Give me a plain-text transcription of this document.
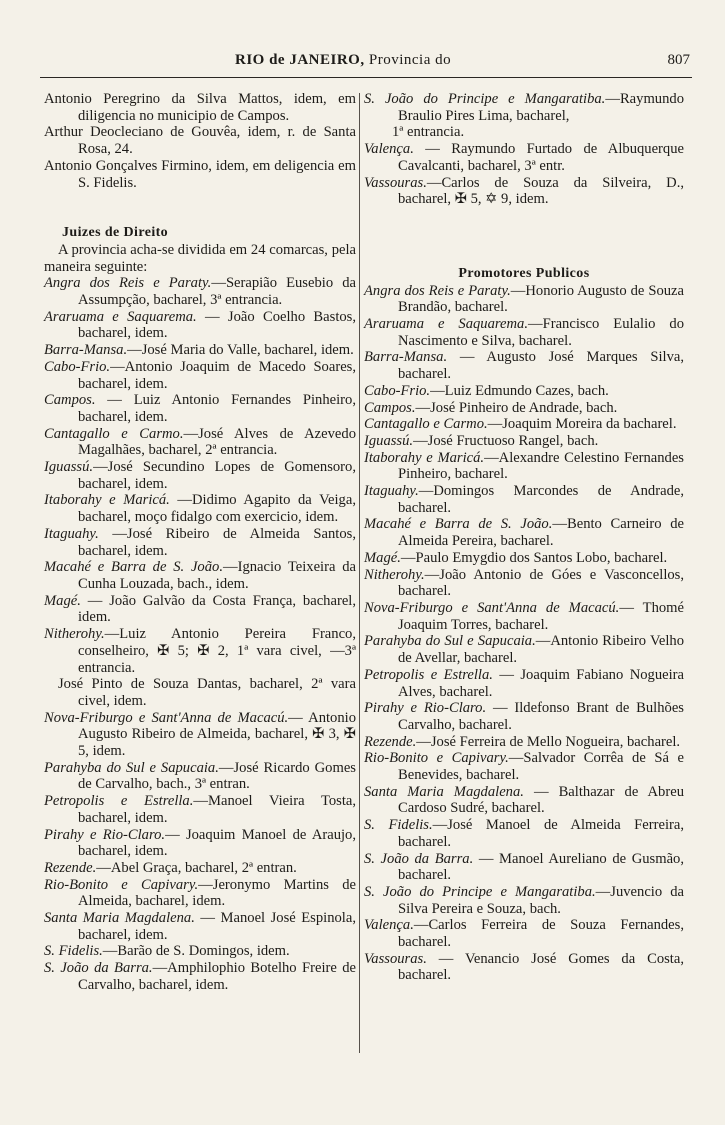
RIO de JANEIRO, Provincia do	807

Antonio Peregrino da Silva Mattos, idem, em diligencia no municipio de Campos.

Arthur Deocleciano de Gouvêa, idem, r. de Santa Rosa, 24.

Antonio Gonçalves Firmino, idem, em deligencia em S. Fidelis.

Juizes de Direito

A provincia acha-se dividida em 24 comarcas, pela maneira seguinte:

Angra dos Reis e Paraty.—Serapião Eusebio da Assumpção, bacharel, 3ª entrancia.

Araruama e Saquarema. — João Coelho Bastos, bacharel, idem.

Barra-Mansa.—José Maria do Valle, bacharel, idem.

Cabo-Frio.—Antonio Joaquim de Macedo Soares, bacharel, idem.

Campos. — Luiz Antonio Fernandes Pinheiro, bacharel, idem.

Cantagallo e Carmo.—José Alves de Azevedo Magalhães, bacharel, 2ª entrancia.

Iguassú.—José Secundino Lopes de Gomensoro, bacharel, idem.

Itaborahy e Maricá. —Didimo Agapito da Veiga, bacharel, moço fidalgo com exercicio, idem.

Itaguahy. —José Ribeiro de Almeida Santos, bacharel, idem.

Macahé e Barra de S. João.—Ignacio Teixeira da Cunha Louzada, bach., idem.

Magé. — João Galvão da Costa França, bacharel, idem.

Nitherohy.—Luiz Antonio Pereira Franco, conselheiro, ✠ 5; ✠ 2, 1ª vara civel, —3ª entrancia.

José Pinto de Souza Dantas, bacharel, 2ª vara civel, idem.

Nova-Friburgo e Sant'Anna de Macacú.— Antonio Augusto Ribeiro de Almeida, bacharel, ✠ 3, ✠ 5, idem.

Parahyba do Sul e Sapucaia.—José Ricardo Gomes de Carvalho, bach., 3ª entran.

Petropolis e Estrella.—Manoel Vieira Tosta, bacharel, idem.

Pirahy e Rio-Claro.— Joaquim Manoel de Araujo, bacharel, idem.

Rezende.—Abel Graça, bacharel, 2ª entran.

Rio-Bonito e Capivary.—Jeronymo Martins de Almeida, bacharel, idem.

Santa Maria Magdalena. — Manoel José Espinola, bacharel, idem.

S. Fidelis.—Barão de S. Domingos, idem.

S. João da Barra.—Amphilophio Botelho Freire de Carvalho, bacharel, idem.

S. João do Principe e Mangaratiba.—Raymundo Braulio Pires Lima, bacharel,

1ª entrancia.

Valença. — Raymundo Furtado de Albuquerque Cavalcanti, bacharel, 3ª entr.

Vassouras.—Carlos de Souza da Silveira, D., bacharel, ✠ 5, ✡ 9, idem.

Promotores Publicos

Angra dos Reis e Paraty.—Honorio Augusto de Souza Brandão, bacharel.

Araruama e Saquarema.—Francisco Eulalio do Nascimento e Silva, bacharel.

Barra-Mansa. — Augusto José Marques Silva, bacharel.

Cabo-Frio.—Luiz Edmundo Cazes, bach.

Campos.—José Pinheiro de Andrade, bach.

Cantagallo e Carmo.—Joaquim Moreira da bacharel.

Iguassú.—José Fructuoso Rangel, bach.

Itaborahy e Maricá.—Alexandre Celestino Fernandes Pinheiro, bacharel.

Itaguahy.—Domingos Marcondes de Andrade, bacharel.

Macahé e Barra de S. João.—Bento Carneiro de Almeida Pereira, bacharel.

Magé.—Paulo Emygdio dos Santos Lobo, bacharel.

Nitherohy.—João Antonio de Góes e Vasconcellos, bacharel.

Nova-Friburgo e Sant'Anna de Macacú.— Thomé Joaquim Torres, bacharel.

Parahyba do Sul e Sapucaia.—Antonio Ribeiro Velho de Avellar, bacharel.

Petropolis e Estrella. — Joaquim Fabiano Nogueira Alves, bacharel.

Pirahy e Rio-Claro. — Ildefonso Brant de Bulhões Carvalho, bacharel.

Rezende.—José Ferreira de Mello Nogueira, bacharel.

Rio-Bonito e Capivary.—Salvador Corrêa de Sá e Benevides, bacharel.

Santa Maria Magdalena. — Balthazar de Abreu Cardoso Sudré, bacharel.

S. Fidelis.—José Manoel de Almeida Ferreira, bacharel.

S. João da Barra. — Manoel Aureliano de Gusmão, bacharel.

S. João do Principe e Mangaratiba.—Juvencio da Silva Pereira e Souza, bach.

Valença.—Carlos Ferreira de Souza Fernandes, bacharel.

Vassouras. — Venancio José Gomes da Costa, bacharel.
